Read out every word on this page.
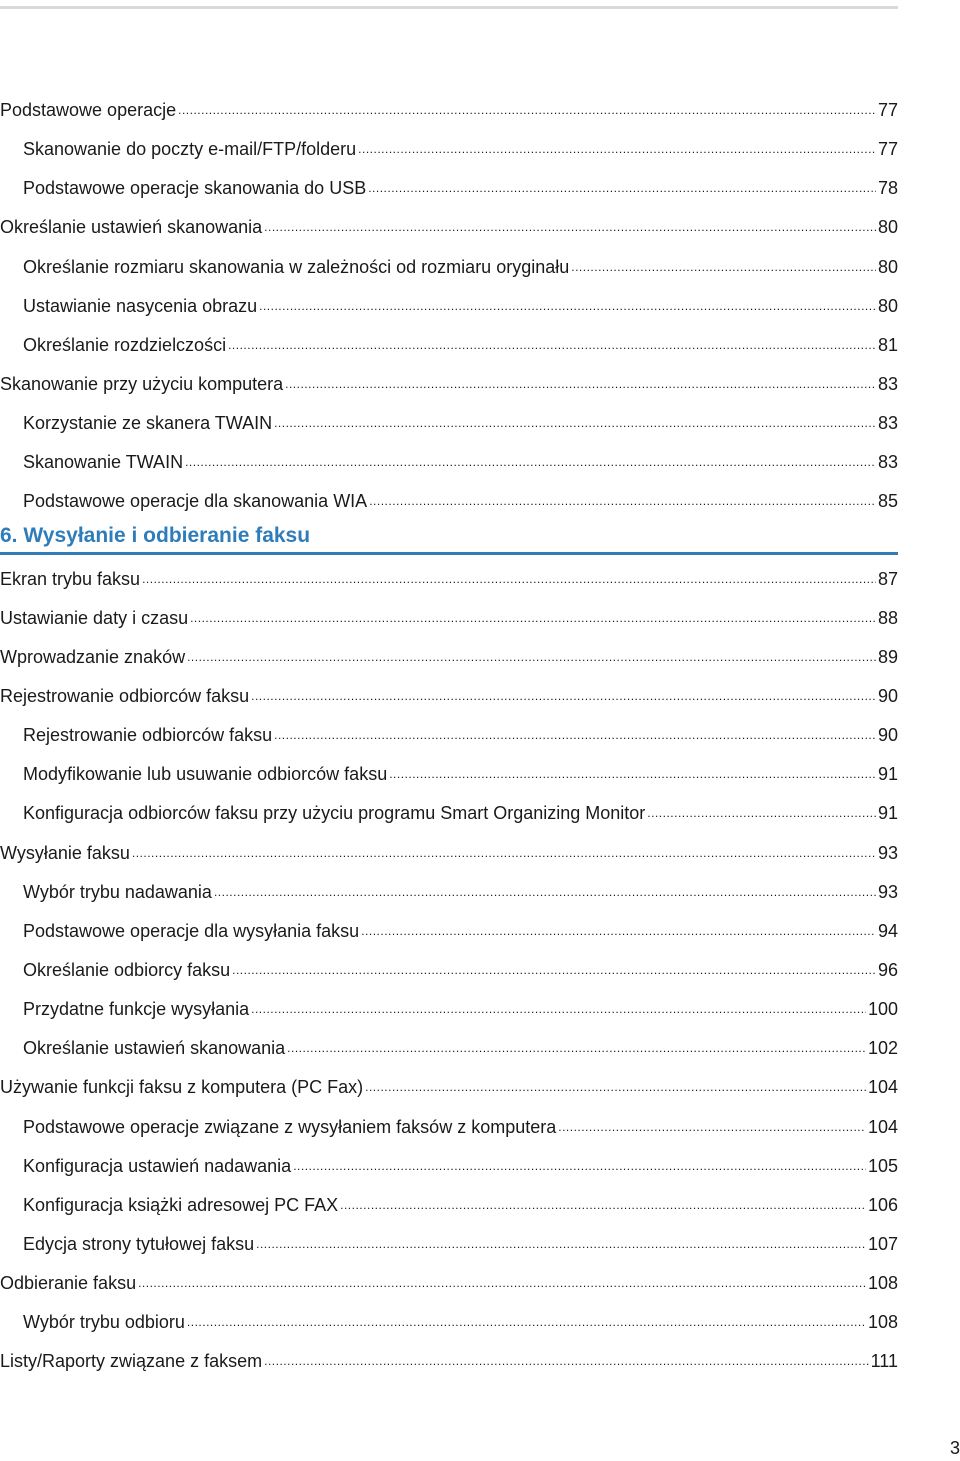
Podstawowe operacje .....	77
Skanowanie do poczty e-mail/FTP/folderu .....	77
Podstawowe operacje skanowania do USB .....	78
Określanie ustawień skanowania .....	80
Określanie rozmiaru skanowania w zależności od rozmiaru oryginału .....	80
Ustawianie nasycenia obrazu .....	80
Określanie rozdzielczości .....	81
Skanowanie przy użyciu komputera .....	83
Korzystanie ze skanera TWAIN .....	83
Skanowanie TWAIN .....	83
Podstawowe operacje dla skanowania WIA .....	85
6. Wysyłanie i odbieranie faksu
Ekran trybu faksu .....	87
Ustawianie daty i czasu .....	88
Wprowadzanie znaków .....	89
Rejestrowanie odbiorców faksu .....	90
Rejestrowanie odbiorców faksu .....	90
Modyfikowanie lub usuwanie odbiorców faksu .....	91
Konfiguracja odbiorców faksu przy użyciu programu Smart Organizing Monitor .....	91
Wysyłanie faksu .....	93
Wybór trybu nadawania .....	93
Podstawowe operacje dla wysyłania faksu .....	94
Określanie odbiorcy faksu .....	96
Przydatne funkcje wysyłania .....	100
Określanie ustawień skanowania .....	102
Używanie funkcji faksu z komputera (PC Fax) .....	104
Podstawowe operacje związane z wysyłaniem faksów z komputera .....	104
Konfiguracja ustawień nadawania .....	105
Konfiguracja książki adresowej PC FAX .....	106
Edycja strony tytułowej faksu .....	107
Odbieranie faksu .....	108
Wybór trybu odbioru .....	108
Listy/Raporty związane z faksem .....	111
3
